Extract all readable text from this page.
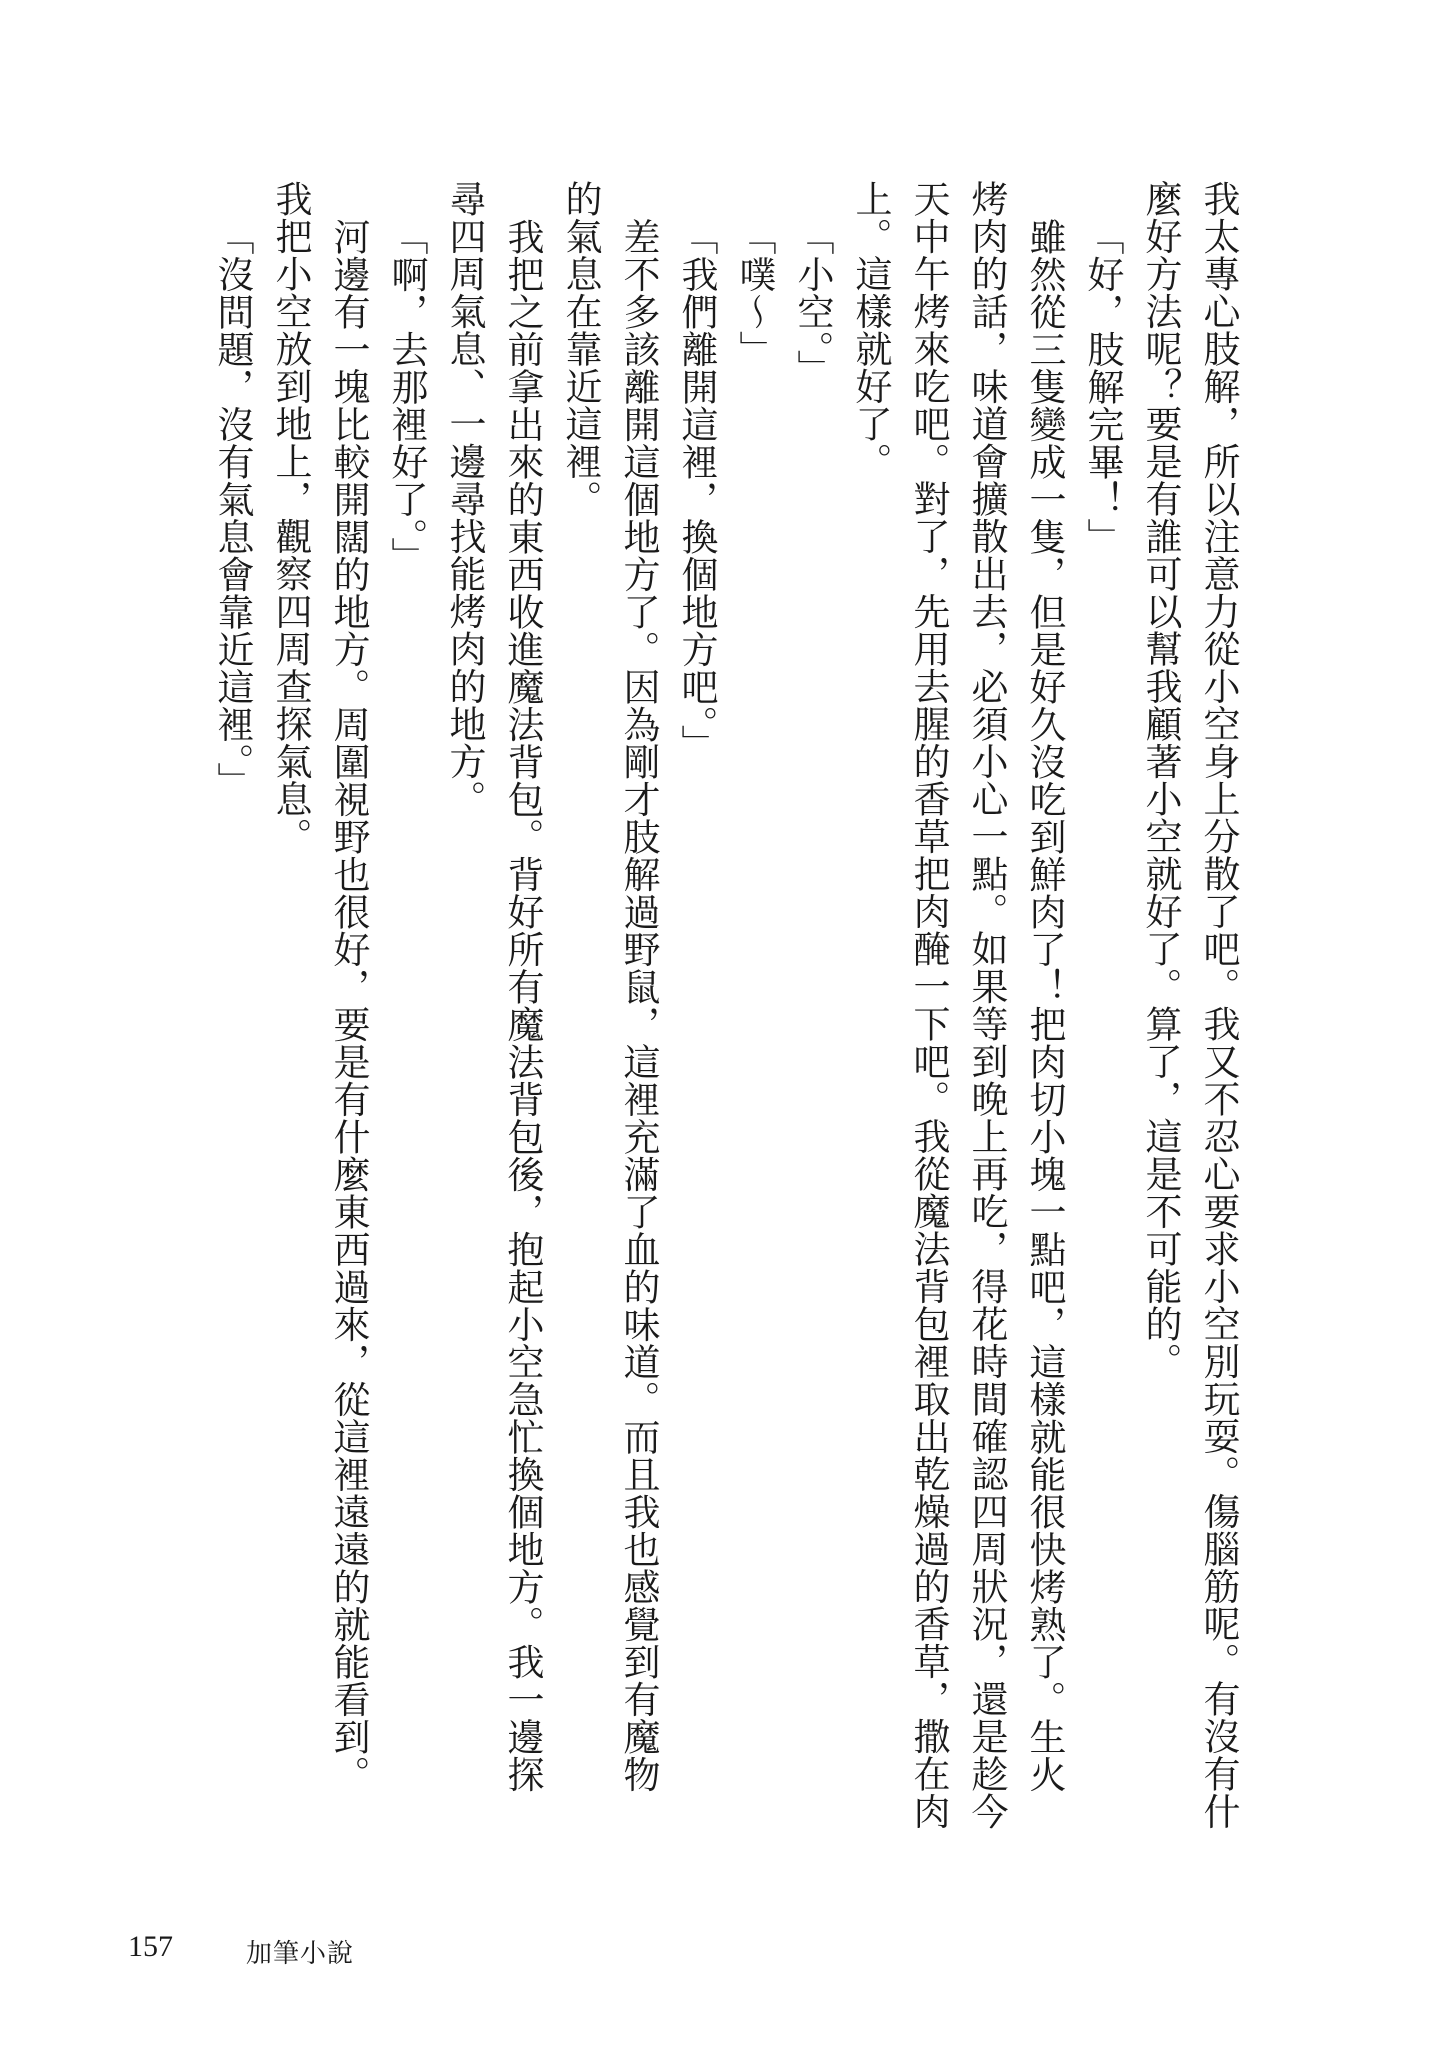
我太專心肢解，所以注意力從小空身上分散了吧。我又不忍心要求小空別玩耍。傷腦筋呢。有沒有什
麼好方法呢？要是有誰可以幫我顧著小空就好了。算了，這是不可能的。
「好，肢解完畢！」
雖然從三隻變成一隻，但是好久沒吃到鮮肉了！把肉切小塊一點吧，這樣就能很快烤熟了。生火
烤肉的話，味道會擴散出去，必須小心一點。如果等到晚上再吃，得花時間確認四周狀況，還是趁今
天中午烤來吃吧。對了，先用去腥的香草把肉醃一下吧。我從魔法背包裡取出乾燥過的香草，撒在肉
上。這樣就好了。
「小空。」
「噗～」
「我們離開這裡，換個地方吧。」
差不多該離開這個地方了。因為剛才肢解過野鼠，這裡充滿了血的味道。而且我也感覺到有魔物
的氣息在靠近這裡。
我把之前拿出來的東西收進魔法背包。背好所有魔法背包後，抱起小空急忙換個地方。我一邊探
尋四周氣息、一邊尋找能烤肉的地方。
「啊，去那裡好了。」
河邊有一塊比較開闊的地方。周圍視野也很好，要是有什麼東西過來，從這裡遠遠的就能看到。
我把小空放到地上，觀察四周查探氣息。
「沒問題，沒有氣息會靠近這裡。」
157	加筆小說
